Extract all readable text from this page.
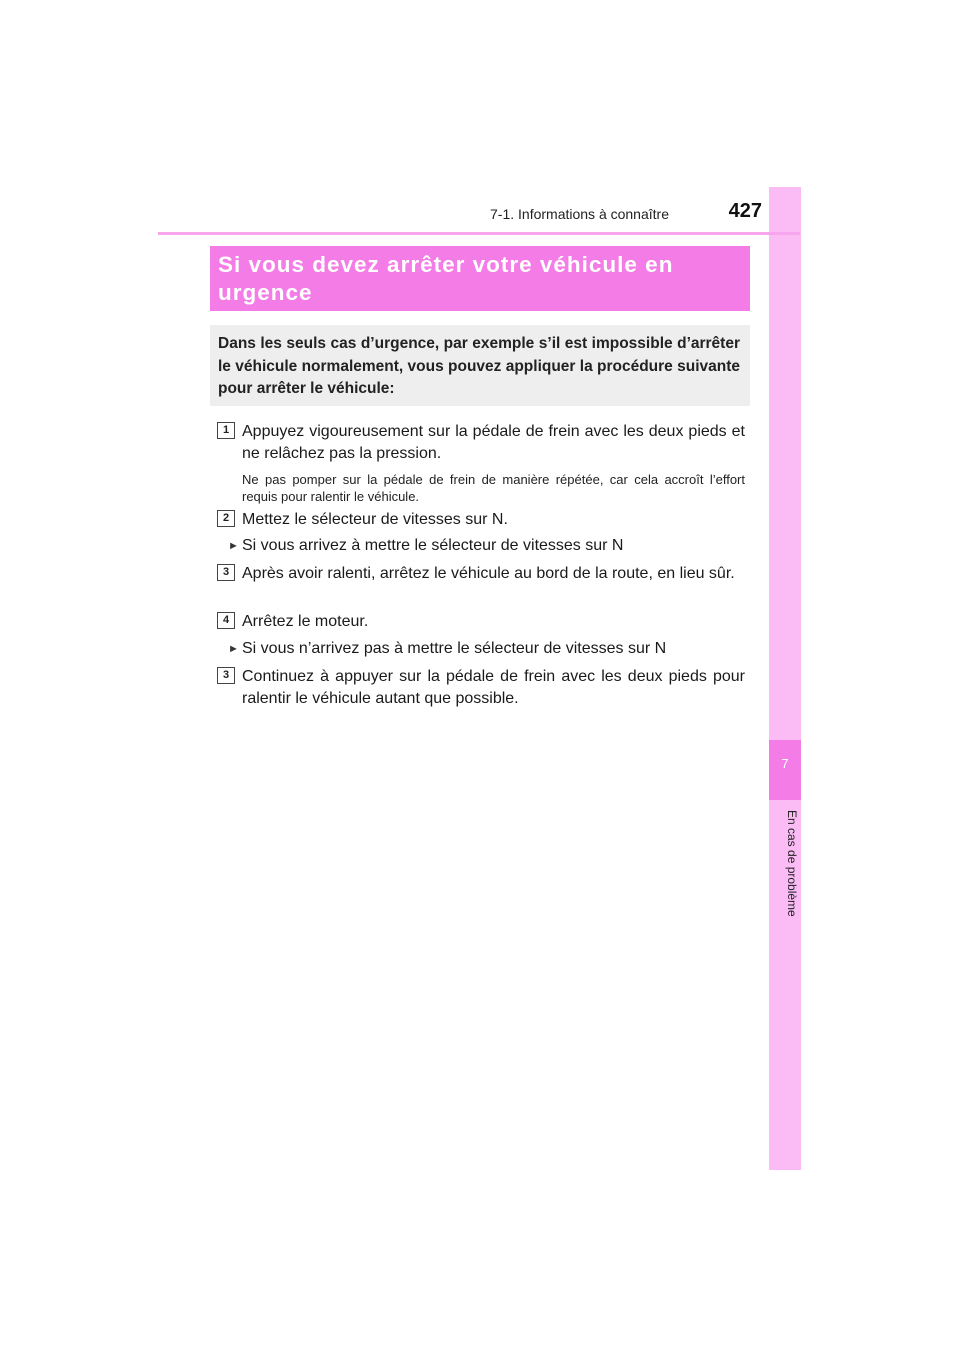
7
En cas de problème
7-1. Informations à connaître	427
Si vous devez arrêter votre véhicule en
urgence
Dans les seuls cas d’urgence, par exemple s’il est impossible d’arrêter le véhicule normalement, vous pouvez appliquer la procédure suivante pour arrêter le véhicule:
1 Appuyez vigoureusement sur la pédale de frein avec les deux pieds et ne relâchez pas la pression.
Ne pas pomper sur la pédale de frein de manière répétée, car cela accroît l’effort requis pour ralentir le véhicule.
2 Mettez le sélecteur de vitesses sur N.
► Si vous arrivez à mettre le sélecteur de vitesses sur N
3 Après avoir ralenti, arrêtez le véhicule au bord de la route, en lieu sûr.
4 Arrêtez le moteur.
► Si vous n’arrivez pas à mettre le sélecteur de vitesses sur N
3 Continuez à appuyer sur la pédale de frein avec les deux pieds pour ralentir le véhicule autant que possible.
